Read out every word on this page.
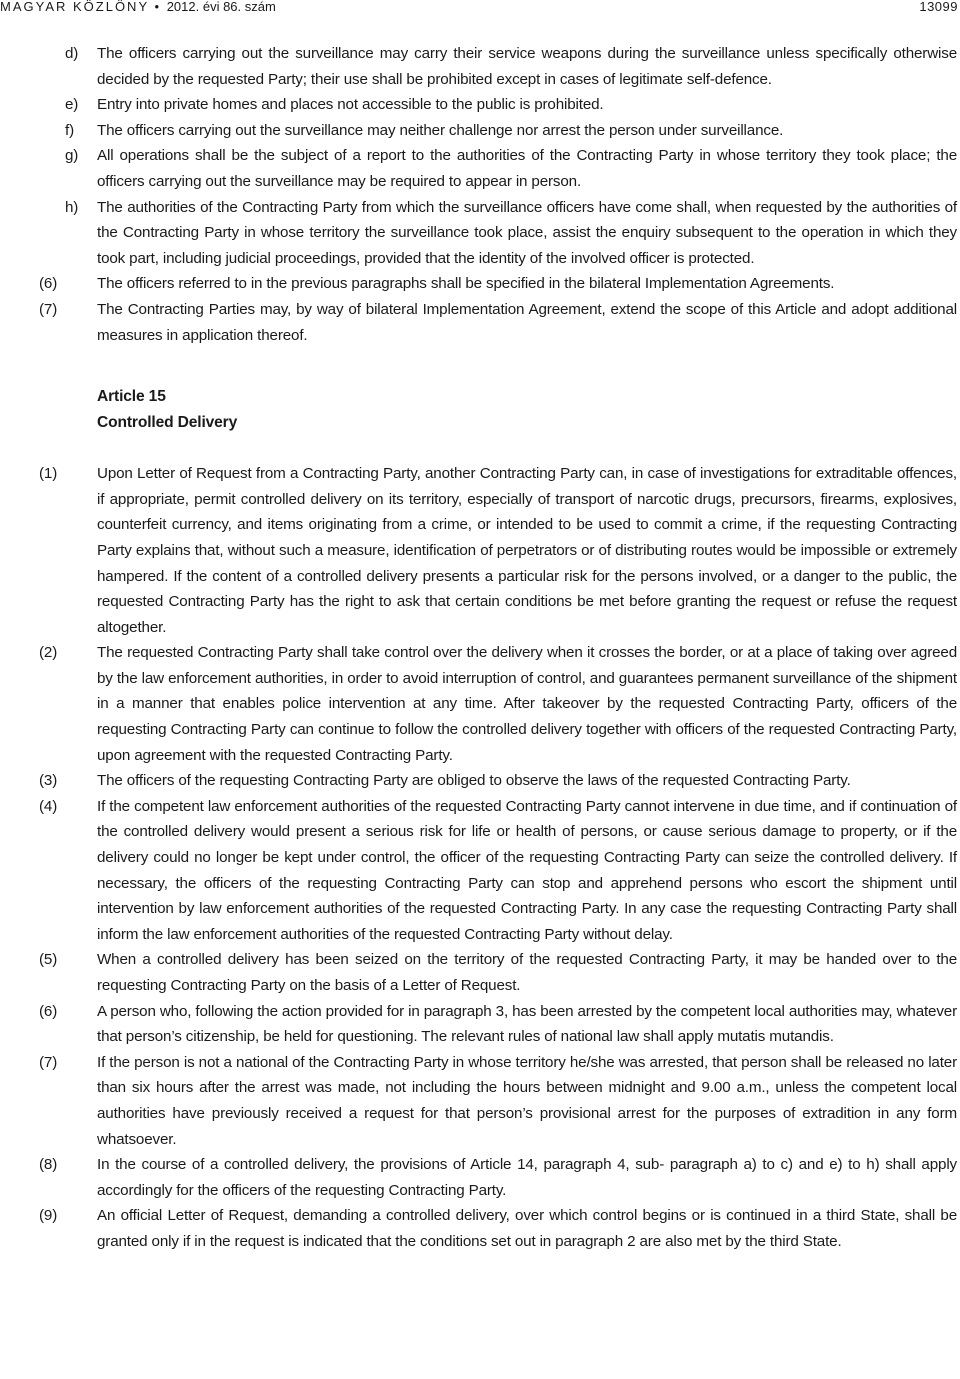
MAGYAR KÖZLÖNY • 2012. évi 86. szám	13099
d) The officers carrying out the surveillance may carry their service weapons during the surveillance unless specifically otherwise decided by the requested Party; their use shall be prohibited except in cases of legitimate self-defence.
e) Entry into private homes and places not accessible to the public is prohibited.
f) The officers carrying out the surveillance may neither challenge nor arrest the person under surveillance.
g) All operations shall be the subject of a report to the authorities of the Contracting Party in whose territory they took place; the officers carrying out the surveillance may be required to appear in person.
h) The authorities of the Contracting Party from which the surveillance officers have come shall, when requested by the authorities of the Contracting Party in whose territory the surveillance took place, assist the enquiry subsequent to the operation in which they took part, including judicial proceedings, provided that the identity of the involved officer is protected.
(6)	The officers referred to in the previous paragraphs shall be specified in the bilateral Implementation Agreements.
(7)	The Contracting Parties may, by way of bilateral Implementation Agreement, extend the scope of this Article and adopt additional measures in application thereof.
Article 15
Controlled Delivery
(1)	Upon Letter of Request from a Contracting Party, another Contracting Party can, in case of investigations for extraditable offences, if appropriate, permit controlled delivery on its territory, especially of transport of narcotic drugs, precursors, firearms, explosives, counterfeit currency, and items originating from a crime, or intended to be used to commit a crime, if the requesting Contracting Party explains that, without such a measure, identification of perpetrators or of distributing routes would be impossible or extremely hampered. If the content of a controlled delivery presents a particular risk for the persons involved, or a danger to the public, the requested Contracting Party has the right to ask that certain conditions be met before granting the request or refuse the request altogether.
(2)	The requested Contracting Party shall take control over the delivery when it crosses the border, or at a place of taking over agreed by the law enforcement authorities, in order to avoid interruption of control, and guarantees permanent surveillance of the shipment in a manner that enables police intervention at any time. After takeover by the requested Contracting Party, officers of the requesting Contracting Party can continue to follow the controlled delivery together with officers of the requested Contracting Party, upon agreement with the requested Contracting Party.
(3)	The officers of the requesting Contracting Party are obliged to observe the laws of the requested Contracting Party.
(4)	If the competent law enforcement authorities of the requested Contracting Party cannot intervene in due time, and if continuation of the controlled delivery would present a serious risk for life or health of persons, or cause serious damage to property, or if the delivery could no longer be kept under control, the officer of the requesting Contracting Party can seize the controlled delivery. If necessary, the officers of the requesting Contracting Party can stop and apprehend persons who escort the shipment until intervention by law enforcement authorities of the requested Contracting Party. In any case the requesting Contracting Party shall inform the law enforcement authorities of the requested Contracting Party without delay.
(5)	When a controlled delivery has been seized on the territory of the requested Contracting Party, it may be handed over to the requesting Contracting Party on the basis of a Letter of Request.
(6)	A person who, following the action provided for in paragraph 3, has been arrested by the competent local authorities may, whatever that person’s citizenship, be held for questioning. The relevant rules of national law shall apply mutatis mutandis.
(7)	If the person is not a national of the Contracting Party in whose territory he/she was arrested, that person shall be released no later than six hours after the arrest was made, not including the hours between midnight and 9.00 a.m., unless the competent local authorities have previously received a request for that person’s provisional arrest for the purposes of extradition in any form whatsoever.
(8)	In the course of a controlled delivery, the provisions of Article 14, paragraph 4, sub- paragraph a) to c) and e) to h) shall apply accordingly for the officers of the requesting Contracting Party.
(9)	An official Letter of Request, demanding a controlled delivery, over which control begins or is continued in a third State, shall be granted only if in the request is indicated that the conditions set out in paragraph 2 are also met by the third State.
